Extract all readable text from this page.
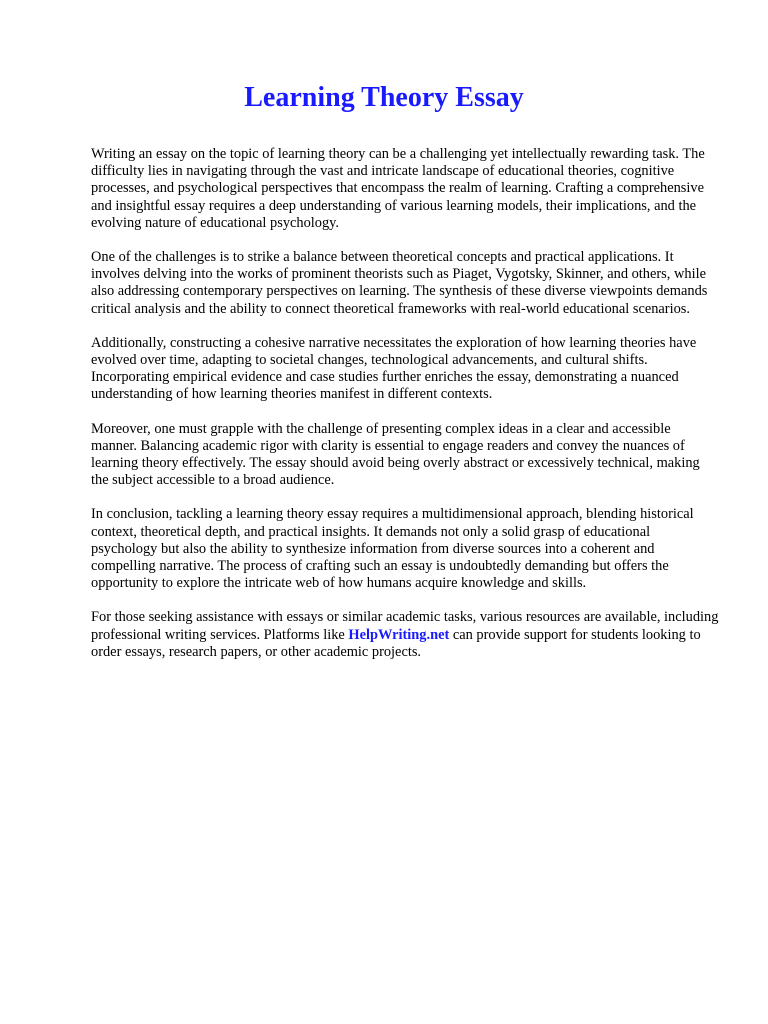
Learning Theory Essay

Writing an essay on the topic of learning theory can be a challenging yet intellectually rewarding task. The difficulty lies in navigating through the vast and intricate landscape of educational theories, cognitive processes, and psychological perspectives that encompass the realm of learning. Crafting a comprehensive and insightful essay requires a deep understanding of various learning models, their implications, and the evolving nature of educational psychology.

One of the challenges is to strike a balance between theoretical concepts and practical applications. It involves delving into the works of prominent theorists such as Piaget, Vygotsky, Skinner, and others, while also addressing contemporary perspectives on learning. The synthesis of these diverse viewpoints demands critical analysis and the ability to connect theoretical frameworks with real-world educational scenarios.

Additionally, constructing a cohesive narrative necessitates the exploration of how learning theories have evolved over time, adapting to societal changes, technological advancements, and cultural shifts. Incorporating empirical evidence and case studies further enriches the essay, demonstrating a nuanced understanding of how learning theories manifest in different contexts.

Moreover, one must grapple with the challenge of presenting complex ideas in a clear and accessible manner. Balancing academic rigor with clarity is essential to engage readers and convey the nuances of learning theory effectively. The essay should avoid being overly abstract or excessively technical, making the subject accessible to a broad audience.

In conclusion, tackling a learning theory essay requires a multidimensional approach, blending historical context, theoretical depth, and practical insights. It demands not only a solid grasp of educational psychology but also the ability to synthesize information from diverse sources into a coherent and compelling narrative. The process of crafting such an essay is undoubtedly demanding but offers the opportunity to explore the intricate web of how humans acquire knowledge and skills.

For those seeking assistance with essays or similar academic tasks, various resources are available, including professional writing services. Platforms like HelpWriting.net can provide support for students looking to order essays, research papers, or other academic projects.
